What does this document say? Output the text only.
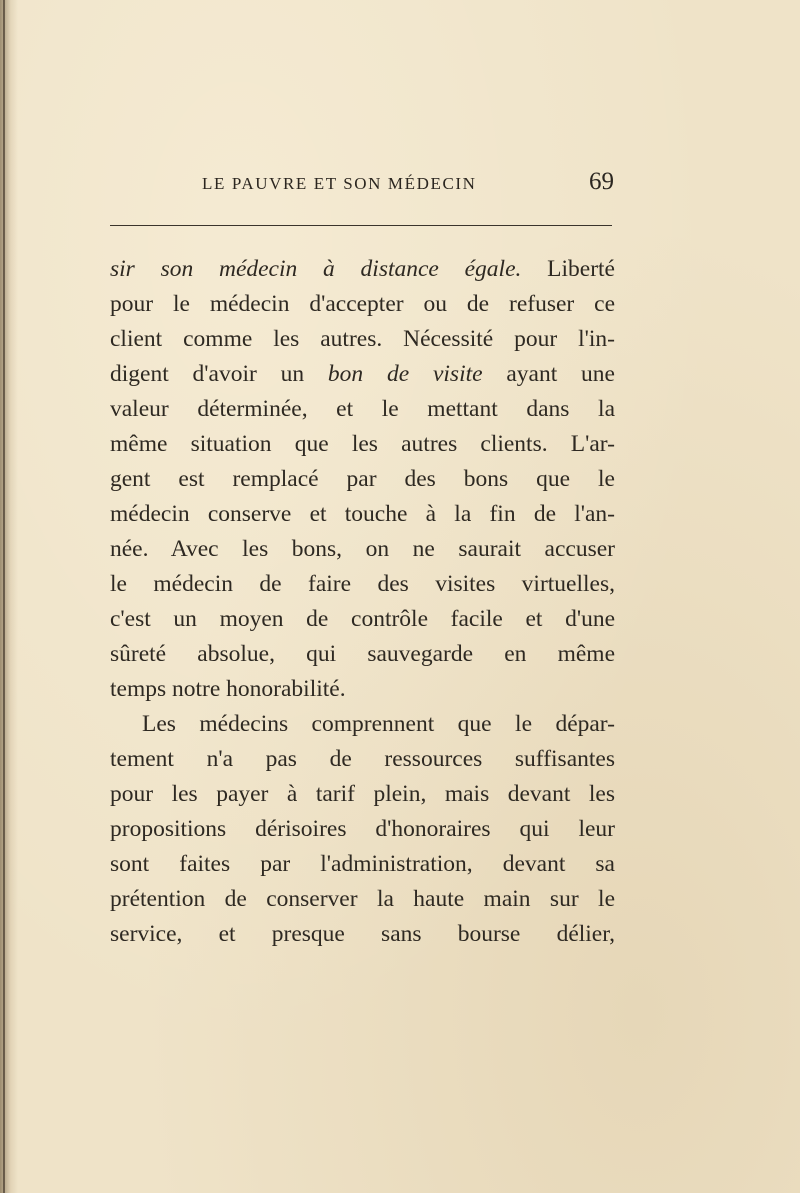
LE PAUVRE ET SON MÉDECIN	69
sir son médecin à distance égale. Liberté
pour le médecin d'accepter ou de refuser ce
client comme les autres. Nécessité pour l'in-
digent d'avoir un bon de visite ayant une
valeur déterminée, et le mettant dans la
même situation que les autres clients. L'ar-
gent est remplacé par des bons que le
médecin conserve et touche à la fin de l'an-
née. Avec les bons, on ne saurait accuser
le médecin de faire des visites virtuelles,
c'est un moyen de contrôle facile et d'une
sûreté absolue, qui sauvegarde en même
temps notre honorabilité.
Les médecins comprennent que le dépar-
tement n'a pas de ressources suffisantes
pour les payer à tarif plein, mais devant les
propositions dérisoires d'honoraires qui leur
sont faites par l'administration, devant sa
prétention de conserver la haute main sur le
service, et presque sans bourse délier,
